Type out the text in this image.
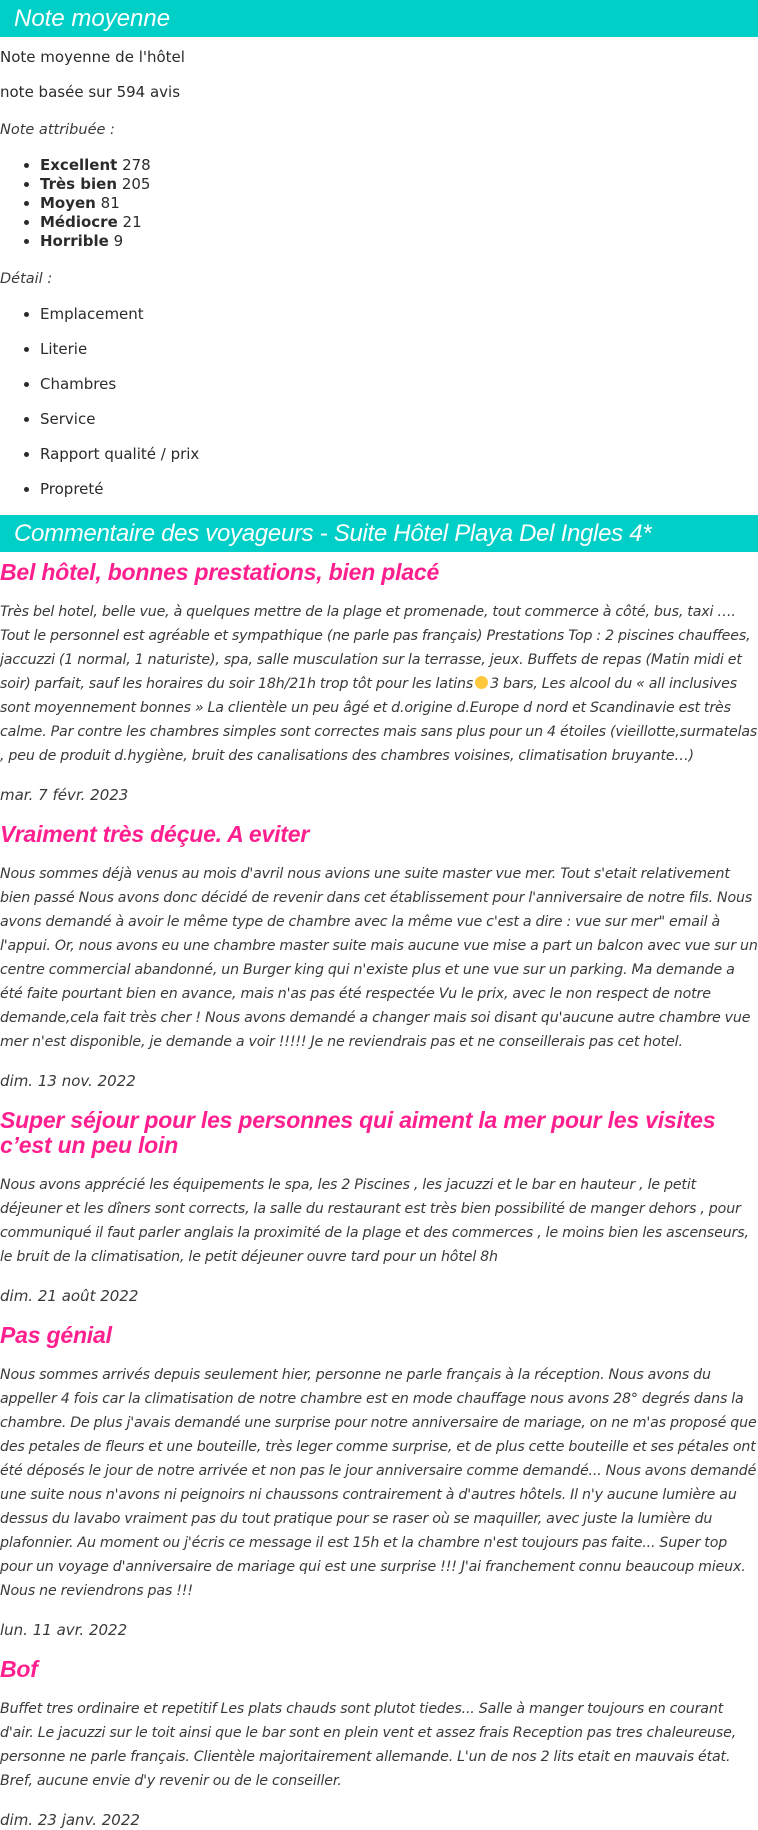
Note moyenne

Note moyenne de l'hôtel

note basée sur 594 avis

Note attribuée :

• Excellent 278
• Très bien 205
• Moyen 81
• Médiocre 21
• Horrible 9

Détail :

• Emplacement
• Literie
• Chambres
• Service
• Rapport qualité / prix
• Propreté
Commentaire des voyageurs - Suite Hôtel Playa Del Ingles 4*
Bel hôtel, bonnes prestations, bien placé

Très bel hotel, belle vue, à quelques mettre de la plage et promenade, tout commerce à côté, bus, taxi …. Tout le personnel est agréable et sympathique (ne parle pas français) Prestations Top : 2 piscines chauffees, jaccuzzi (1 normal, 1 naturiste), spa, salle musculation sur la terrasse, jeux. Buffets de repas (Matin midi et soir) parfait, sauf les horaires du soir 18h/21h trop tôt pour les latins 3 bars, Les alcool du « all inclusives sont moyennement bonnes » La clientèle un peu âgé et d.origine d.Europe d nord et Scandinavie est très calme. Par contre les chambres simples sont correctes mais sans plus pour un 4 étoiles (vieillotte,surmatelas , peu de produit d.hygiène, bruit des canalisations des chambres voisines, climatisation bruyante…)

mar. 7 févr. 2023

Vraiment très déçue. A eviter

Nous sommes déjà venus au mois d'avril nous avions une suite master vue mer. Tout s'etait relativement bien passé Nous avons donc décidé de revenir dans cet établissement pour l'anniversaire de notre fils. Nous avons demandé à avoir le même type de chambre avec la même vue c'est a dire : vue sur mer" email à l'appui. Or, nous avons eu une chambre master suite mais aucune vue mise a part un balcon avec vue sur un centre commercial abandonné, un Burger king qui n'existe plus et une vue sur un parking. Ma demande a été faite pourtant bien en avance, mais n'as pas été respectée Vu le prix, avec le non respect de notre demande,cela fait très cher ! Nous avons demandé a changer mais soi disant qu'aucune autre chambre vue mer n'est disponible, je demande a voir !!!!! Je ne reviendrais pas et ne conseillerais pas cet hotel.

dim. 13 nov. 2022

Super séjour pour les personnes qui aiment la mer pour les visites c’est un peu loin

Nous avons apprécié les équipements le spa, les 2 Piscines , les jacuzzi et le bar en hauteur , le petit déjeuner et les dîners sont corrects, la salle du restaurant est très bien possibilité de manger dehors , pour communiqué il faut parler anglais la proximité de la plage et des commerces , le moins bien les ascenseurs, le bruit de la climatisation, le petit déjeuner ouvre tard pour un hôtel 8h

dim. 21 août 2022

Pas génial

Nous sommes arrivés depuis seulement hier, personne ne parle français à la réception. Nous avons du appeller 4 fois car la climatisation de notre chambre est en mode chauffage nous avons 28° degrés dans la chambre. De plus j'avais demandé une surprise pour notre anniversaire de mariage, on ne m'as proposé que des petales de fleurs et une bouteille, très leger comme surprise, et de plus cette bouteille et ses pétales ont été déposés le jour de notre arrivée et non pas le jour anniversaire comme demandé... Nous avons demandé une suite nous n'avons ni peignoirs ni chaussons contrairement à d'autres hôtels. Il n'y aucune lumière au dessus du lavabo vraiment pas du tout pratique pour se raser où se maquiller, avec juste la lumière du plafonnier. Au moment ou j'écris ce message il est 15h et la chambre n'est toujours pas faite... Super top pour un voyage d'anniversaire de mariage qui est une surprise !!! J'ai franchement connu beaucoup mieux. Nous ne reviendrons pas !!!

lun. 11 avr. 2022

Bof

Buffet tres ordinaire et repetitif Les plats chauds sont plutot tiedes... Salle à manger toujours en courant d'air. Le jacuzzi sur le toit ainsi que le bar sont en plein vent et assez frais Reception pas tres chaleureuse, personne ne parle français. Clientèle majoritairement allemande. L'un de nos 2 lits etait en mauvais état. Bref, aucune envie d'y revenir ou de le conseiller.

dim. 23 janv. 2022
